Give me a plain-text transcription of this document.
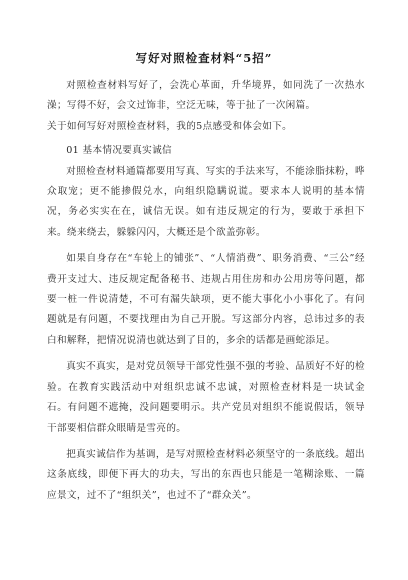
写好对照检查材料“5招”

对照检查材料写好了，会洗心革面，升华境界，如同洗了一次热水澡；写得不好，会文过饰非，空泛无味，等于扯了一次闲篇。

关于如何写好对照检查材料，我的5点感受和体会如下。

01 基本情况要真实诚信

对照检查材料通篇都要用写真、写实的手法来写，不能涂脂抹粉，哗众取宠；更不能掺假兑水，向组织隐瞒说谎。要求本人说明的基本情况，务必实实在在，诚信无误。如有违反规定的行为，要敢于承担下来。绕来绕去，躲躲闪闪，大概还是个欲盖弥彰。

如果自身存在“车轮上的铺张”、“人情消费”、职务消费、“三公”经费开支过大、违反规定配备秘书、违规占用住房和办公用房等问题，都要一桩一件说清楚，不可有漏失缺项，更不能大事化小小事化了。有问题就是有问题，不要找理由为自己开脱。写这部分内容，总讳过多的表白和解释，把情况说清也就达到了目的，多余的话都是画蛇添足。

真实不真实，是对党员领导干部党性强不强的考验、品质好不好的检验。在教育实践活动中对组织忠诚不忠诚，对照检查材料是一块试金石。有问题不遮掩，没问题要明示。共产党员对组织不能说假话，领导干部要相信群众眼睛是雪亮的。

把真实诚信作为基调，是写对照检查材料必须坚守的一条底线。超出这条底线，即便下再大的功夫，写出的东西也只能是一笔糊涂账、一篇应景文，过不了“组织关”，也过不了“群众关”。
